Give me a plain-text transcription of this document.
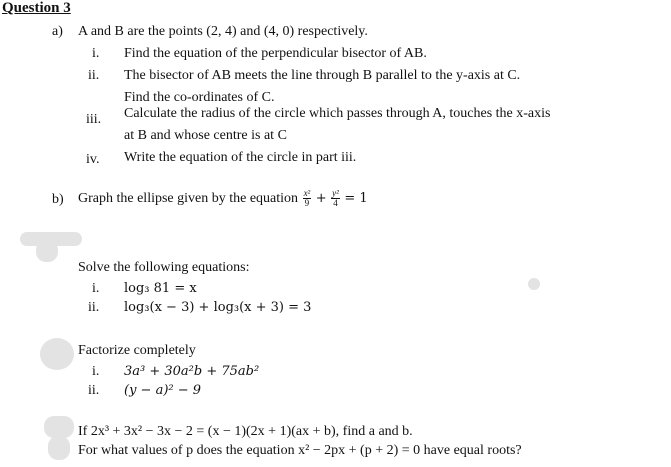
Question 3
a) A and B are the points (2, 4) and (4, 0) respectively.
i. Find the equation of the perpendicular bisector of AB.
ii. The bisector of AB meets the line through B parallel to the y-axis at C.
Find the co-ordinates of C.
iii. Calculate the radius of the circle which passes through A, touches the x-axis
at B and whose centre is at C
iv. Write the equation of the circle in part iii.
b) Graph the ellipse given by the equation $\frac{\text{x²}}{9} + \frac{\text{y²}}{4} = 1$
Solve the following equations:
i. log₃ 81 = x
ii. log₃(x − 3) + log₃(x + 3) = 3
Factorize completely
i. 3a³ + 30a²b + 75ab²
ii. (y − a)² − 9
If 2x³ + 3x² − 3x − 2 = (x − 1)(2x + 1)(ax + b), find a and b.
For what values of p does the equation x² − 2px + (p + 2) = 0 have equal roots?
